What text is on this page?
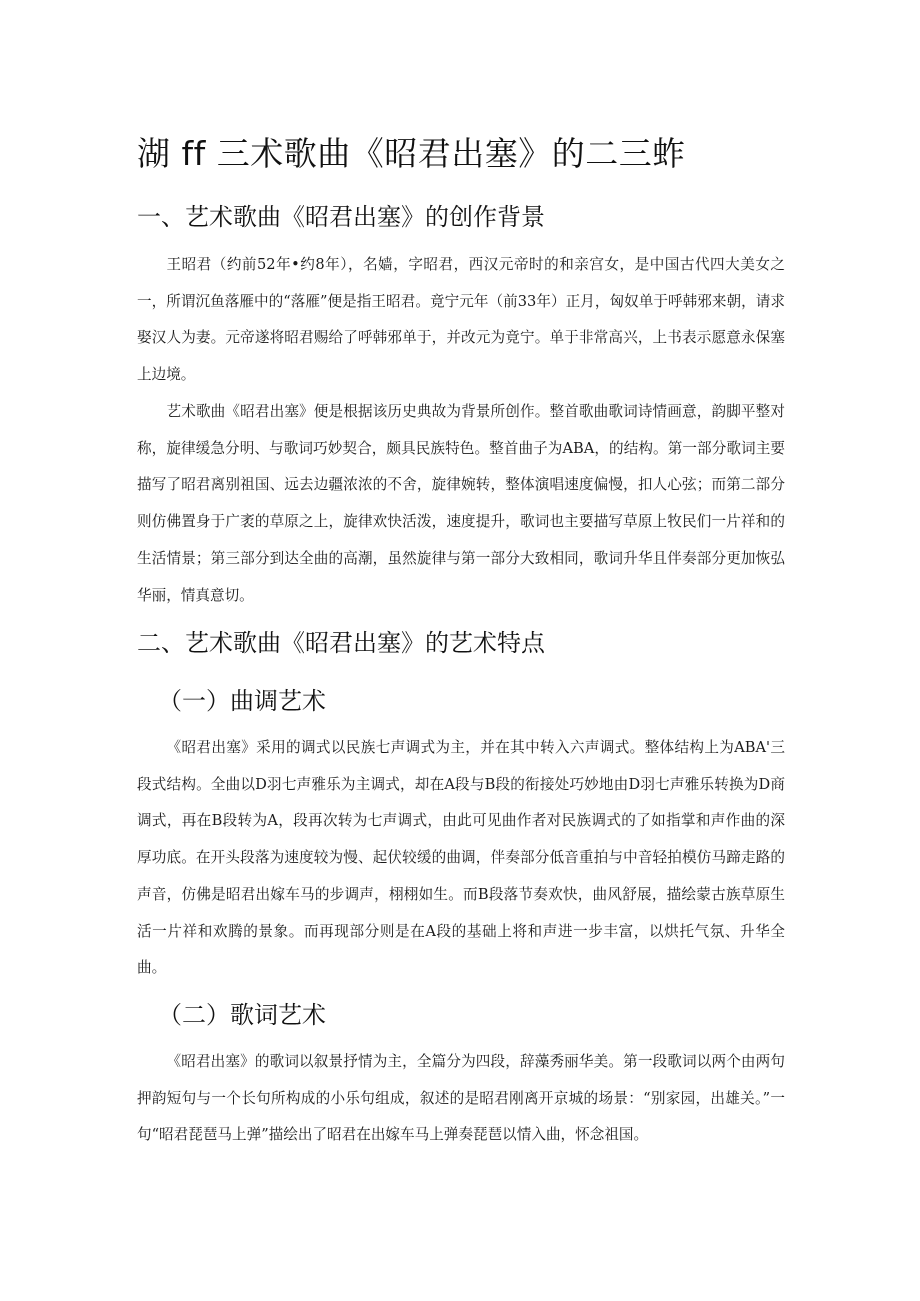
湖 ff 三术歌曲《昭君出塞》的二三蚱
一、艺术歌曲《昭君出塞》的创作背景

王昭君（约前52年•约8年），名嫱，字昭君，西汉元帝时的和亲宫女，是中国古代四大美女之一，所谓沉鱼落雁中的“落雁”便是指王昭君。竟宁元年（前33年）正月，匈奴单于呼韩邪来朝，请求娶汉人为妻。元帝遂将昭君赐给了呼韩邪单于，并改元为竟宁。单于非常高兴，上书表示愿意永保塞上边境。

艺术歌曲《昭君出塞》便是根据该历史典故为背景所创作。整首歌曲歌词诗情画意，韵脚平整对称，旋律缓急分明、与歌词巧妙契合，颇具民族特色。整首曲子为ABA，的结构。第一部分歌词主要描写了昭君离别祖国、远去边疆浓浓的不舍，旋律婉转，整体演唱速度偏慢，扣人心弦；而第二部分则仿佛置身于广袤的草原之上，旋律欢快活泼，速度提升，歌词也主要描写草原上牧民们一片祥和的生活情景；第三部分到达全曲的高潮，虽然旋律与第一部分大致相同，歌词升华且伴奏部分更加恢弘华丽，情真意切。

二、艺术歌曲《昭君出塞》的艺术特点
（一）曲调艺术

《昭君出塞》采用的调式以民族七声调式为主，并在其中转入六声调式。整体结构上为ABA'三段式结构。全曲以D羽七声雅乐为主调式，却在A段与B段的衔接处巧妙地由D羽七声雅乐转换为D商调式，再在B段转为A，段再次转为七声调式，由此可见曲作者对民族调式的了如指掌和声作曲的深厚功底。在开头段落为速度较为慢、起伏较缓的曲调，伴奏部分低音重拍与中音轻拍模仿马蹄走路的声音，仿佛是昭君出嫁车马的步调声，栩栩如生。而B段落节奏欢快，曲风舒展，描绘蒙古族草原生活一片祥和欢腾的景象。而再现部分则是在A段的基础上将和声进一步丰富，以烘托气氛、升华全曲。

（二）歌词艺术

《昭君出塞》的歌词以叙景抒情为主，全篇分为四段，辞藻秀丽华美。第一段歌词以两个由两句押韵短句与一个长句所构成的小乐句组成，叙述的是昭君刚离开京城的场景：“别家园，出雄关。”一句“昭君琵琶马上弹”描绘出了昭君在出嫁车马上弹奏琵琶以情入曲，怀念祖国。
